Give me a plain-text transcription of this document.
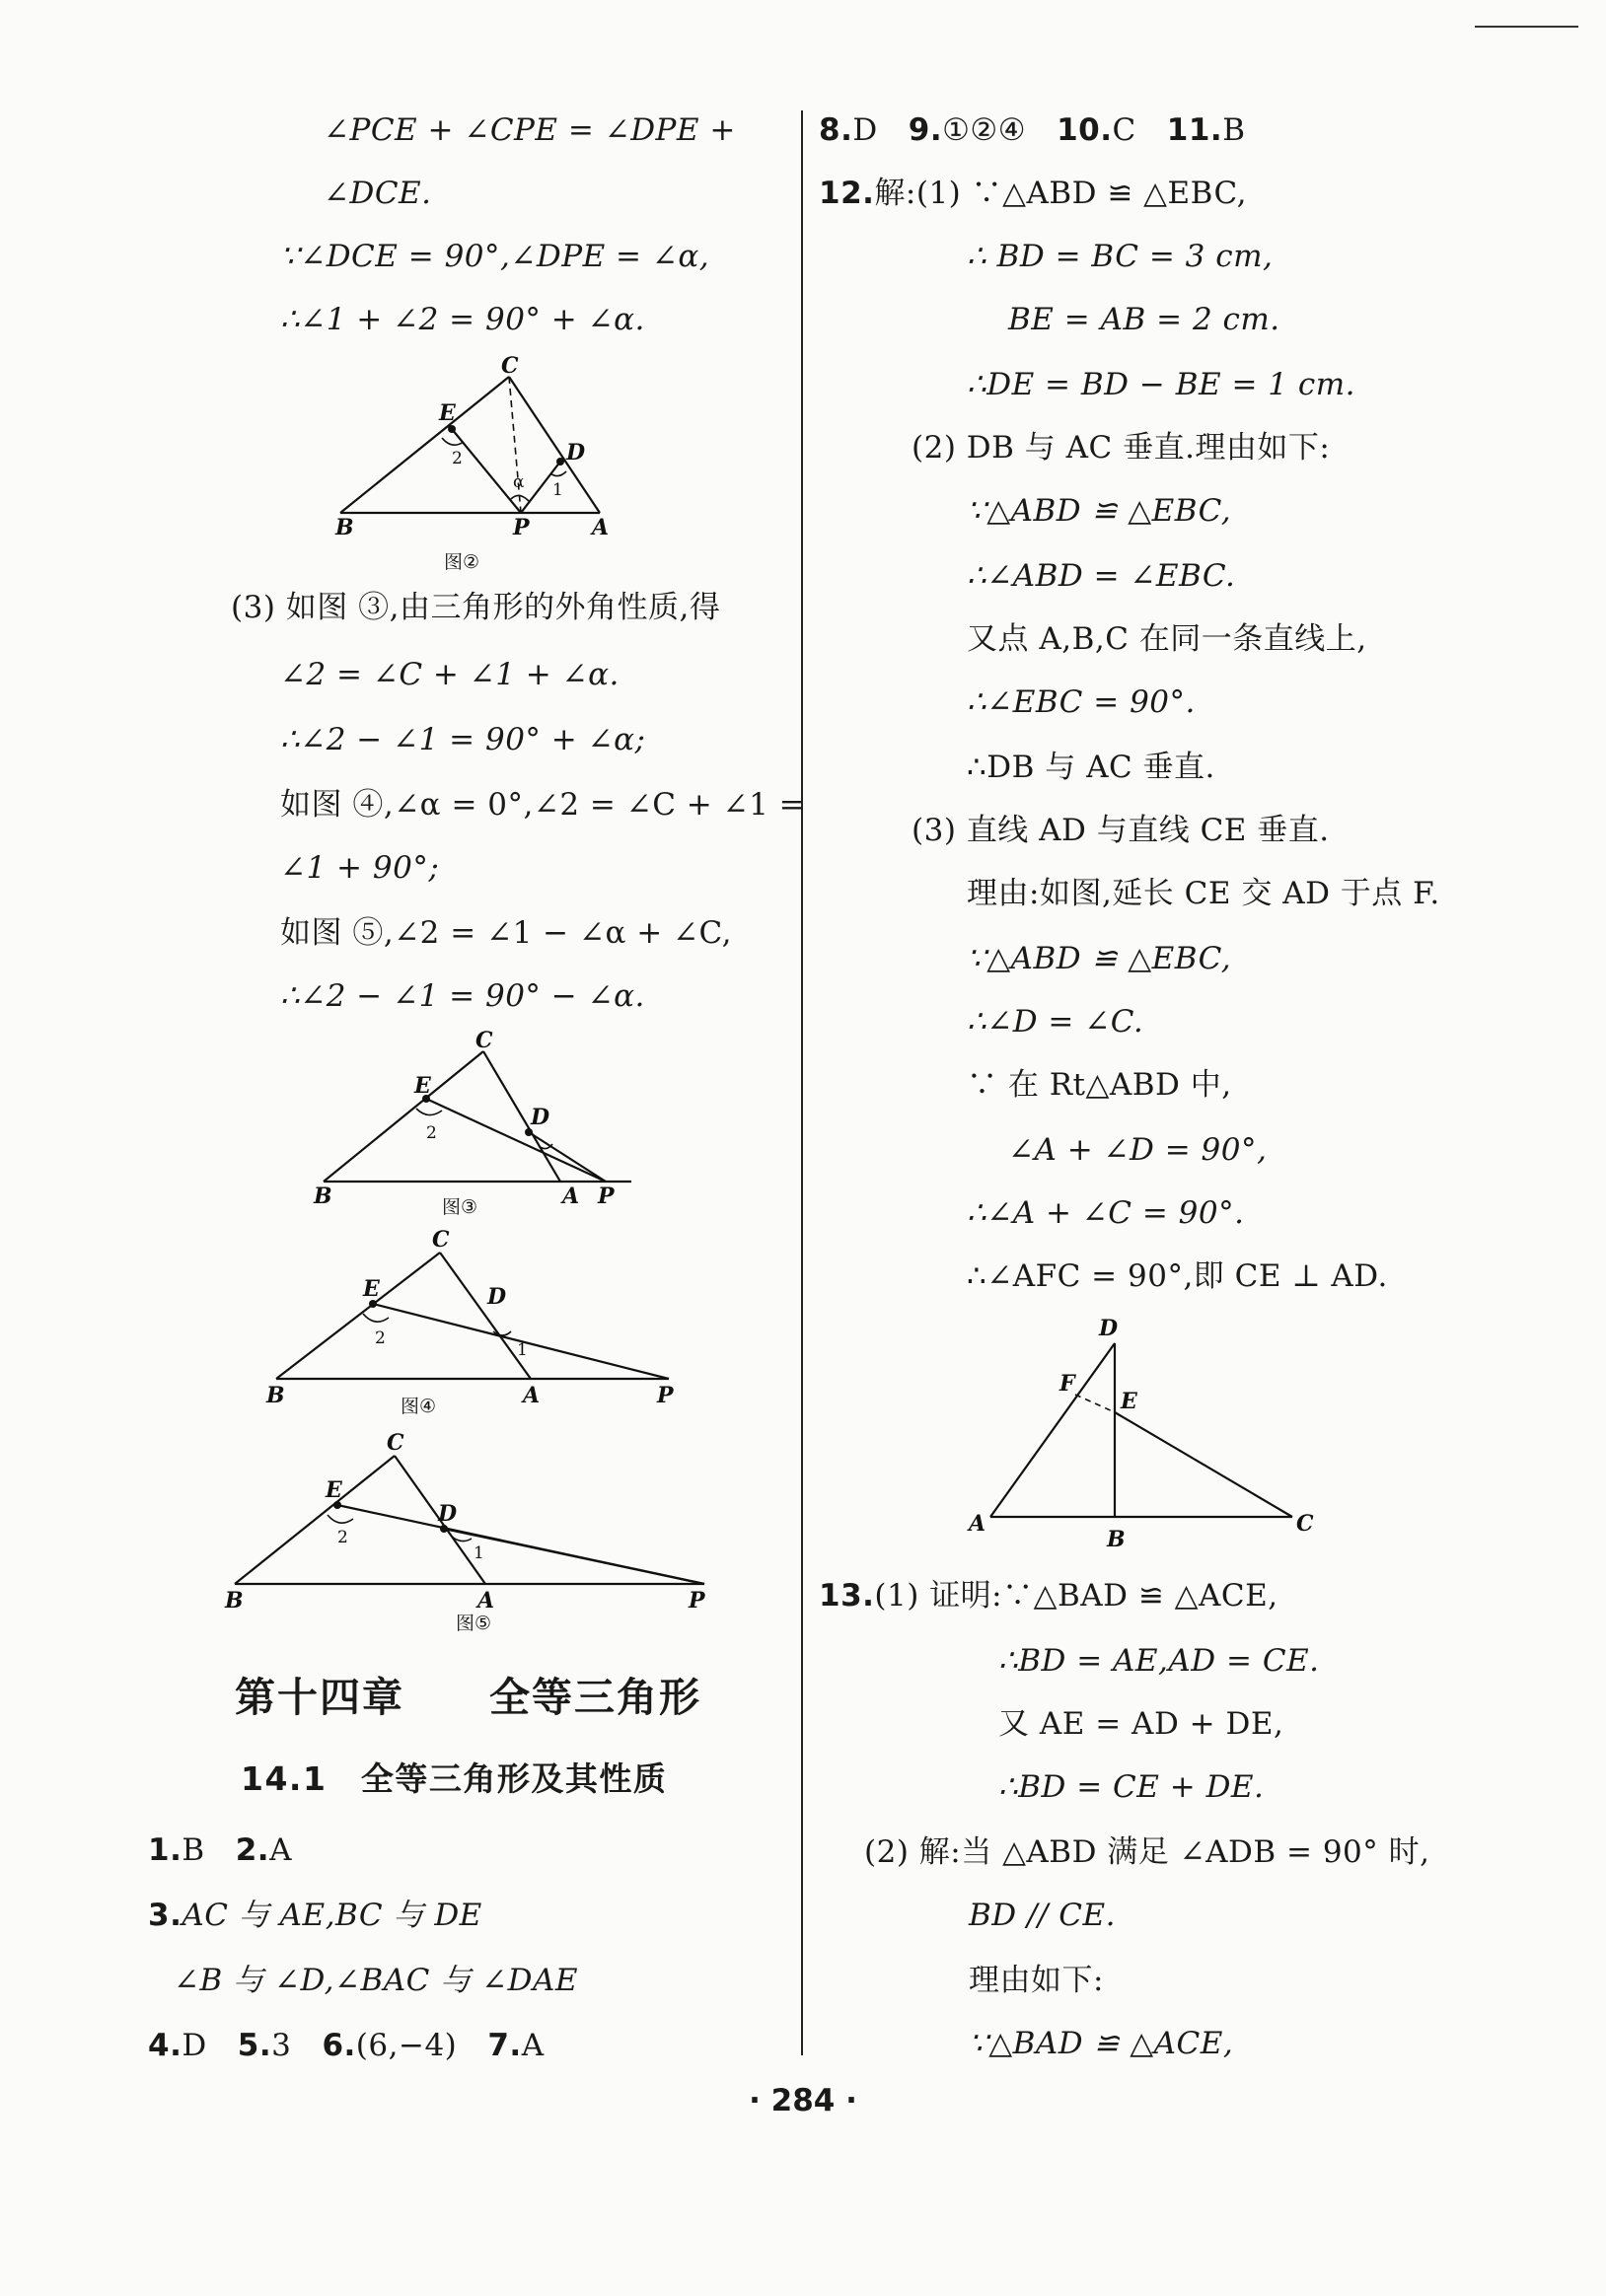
∠PCE + ∠CPE = ∠DPE +
∠DCE.
∵∠DCE = 90°,∠DPE = ∠α,
∴∠1 + ∠2 = 90° + ∠α.
B	P	A
C
E
D
2
1
α
图②
(3) 如图 ③,由三角形的外角性质,得
∠2 = ∠C + ∠1 + ∠α.
∴∠2 − ∠1 = 90° + ∠α;
如图 ④,∠α = 0°,∠2 = ∠C + ∠1 =
∠1 + 90°;
如图 ⑤,∠2 = ∠1 − ∠α + ∠C,
∴∠2 − ∠1 = 90° − ∠α.
B	A P
C
E
D
2
图③
B	A	P
C
E	D
2
1
图④
B	A	P
C
E
D
2
1
图⑤
第十四章　　全等三角形
14.1　全等三角形及其性质
1.B 2.A
3.AC 与 AE,BC 与 DE
∠B 与 ∠D,∠BAC 与 ∠DAE
4.D 5.3 6.(6,−4) 7.A
8.D 9.①②④ 10.C 11.B
12.解:(1) ∵△ABD ≌ △EBC,
∴ BD = BC = 3 cm,
BE = AB = 2 cm.
∴DE = BD − BE = 1 cm.
(2) DB 与 AC 垂直.理由如下:
∵△ABD ≌ △EBC,
∴∠ABD = ∠EBC.
又点 A,B,C 在同一条直线上,
∴∠EBC = 90°.
∴DB 与 AC 垂直.
(3) 直线 AD 与直线 CE 垂直.
理由:如图,延长 CE 交 AD 于点 F.
∵△ABD ≌ △EBC,
∴∠D = ∠C.
∵ 在 Rt△ABD 中,
∠A + ∠D = 90°,
∴∠A + ∠C = 90°.
∴∠AFC = 90°,即 CE ⊥ AD.
D
F
E
A
B
C
13.(1) 证明:∵△BAD ≌ △ACE,
∴BD = AE,AD = CE.
又 AE = AD + DE,
∴BD = CE + DE.
(2) 解:当 △ABD 满足 ∠ADB = 90° 时,
BD // CE.
理由如下:
∵△BAD ≌ △ACE,
· 284 ·
